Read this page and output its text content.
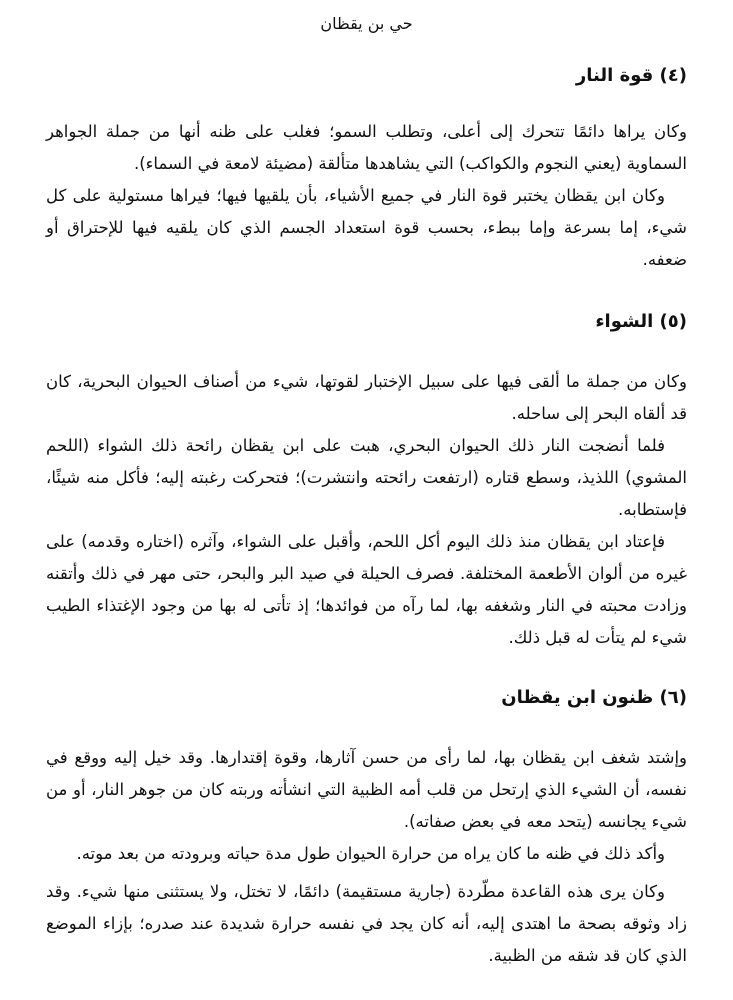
حي بن يقظان
(٤) قوة النار

وكان يراها دائمًا تتحرك إلى أعلى، وتطلب السمو؛ فغلب على ظنه أنها من جملة الجواهر السماوية (يعني النجوم والكواكب) التي يشاهدها متألقة (مضيئة لامعة في السماء).

وكان ابن يقظان يختبر قوة النار في جميع الأشياء، بأن يلقيها فيها؛ فيراها مستولية على كل شيء، إما بسرعة وإما ببطء، بحسب قوة استعداد الجسم الذي كان يلقيه فيها للإحتراق أو ضعفه.

(٥) الشواء

وكان من جملة ما ألقى فيها على سبيل الإختبار لقوتها، شيء من أصناف الحيوان البحرية، كان قد ألقاه البحر إلى ساحله.

فلما أنضجت النار ذلك الحيوان البحري، هبت على ابن يقظان رائحة ذلك الشواء (اللحم المشوي) اللذيذ، وسطع قتاره (ارتفعت رائحته وانتشرت)؛ فتحركت رغبته إليه؛ فأكل منه شيئًا، فإستطابه.

فإعتاد ابن يقظان منذ ذلك اليوم أكل اللحم، وأقبل على الشواء، وآثره (اختاره وقدمه) على غيره من ألوان الأطعمة المختلفة. فصرف الحيلة في صيد البر والبحر، حتى مهر في ذلك وأتقنه وزادت محبته في النار وشغفه بها، لما رآه من فوائدها؛ إذ تأتى له بها من وجود الإغتذاء الطيب شيء لم يتأت له قبل ذلك.

(٦) ظنون ابن يقظان

وإشتد شغف ابن يقظان بها، لما رأى من حسن آثارها، وقوة إقتدارها. وقد خيل إليه ووقع في نفسه، أن الشيء الذي إرتحل من قلب أمه الظبية التي انشأته وربته كان من جوهر النار، أو من شيء يجانسه (يتحد معه في بعض صفاته).

وأكد ذلك في ظنه ما كان يراه من حرارة الحيوان طول مدة حياته وبرودته من بعد موته.

وكان يرى هذه القاعدة مطّردة (جارية مستقيمة) دائمًا، لا تختل، ولا يستثنى منها شيء. وقد زاد وثوقه بصحة ما اهتدى إليه، أنه كان يجد في نفسه حرارة شديدة عند صدره؛ بإزاء الموضع الذي كان قد شقه من الظبية.
